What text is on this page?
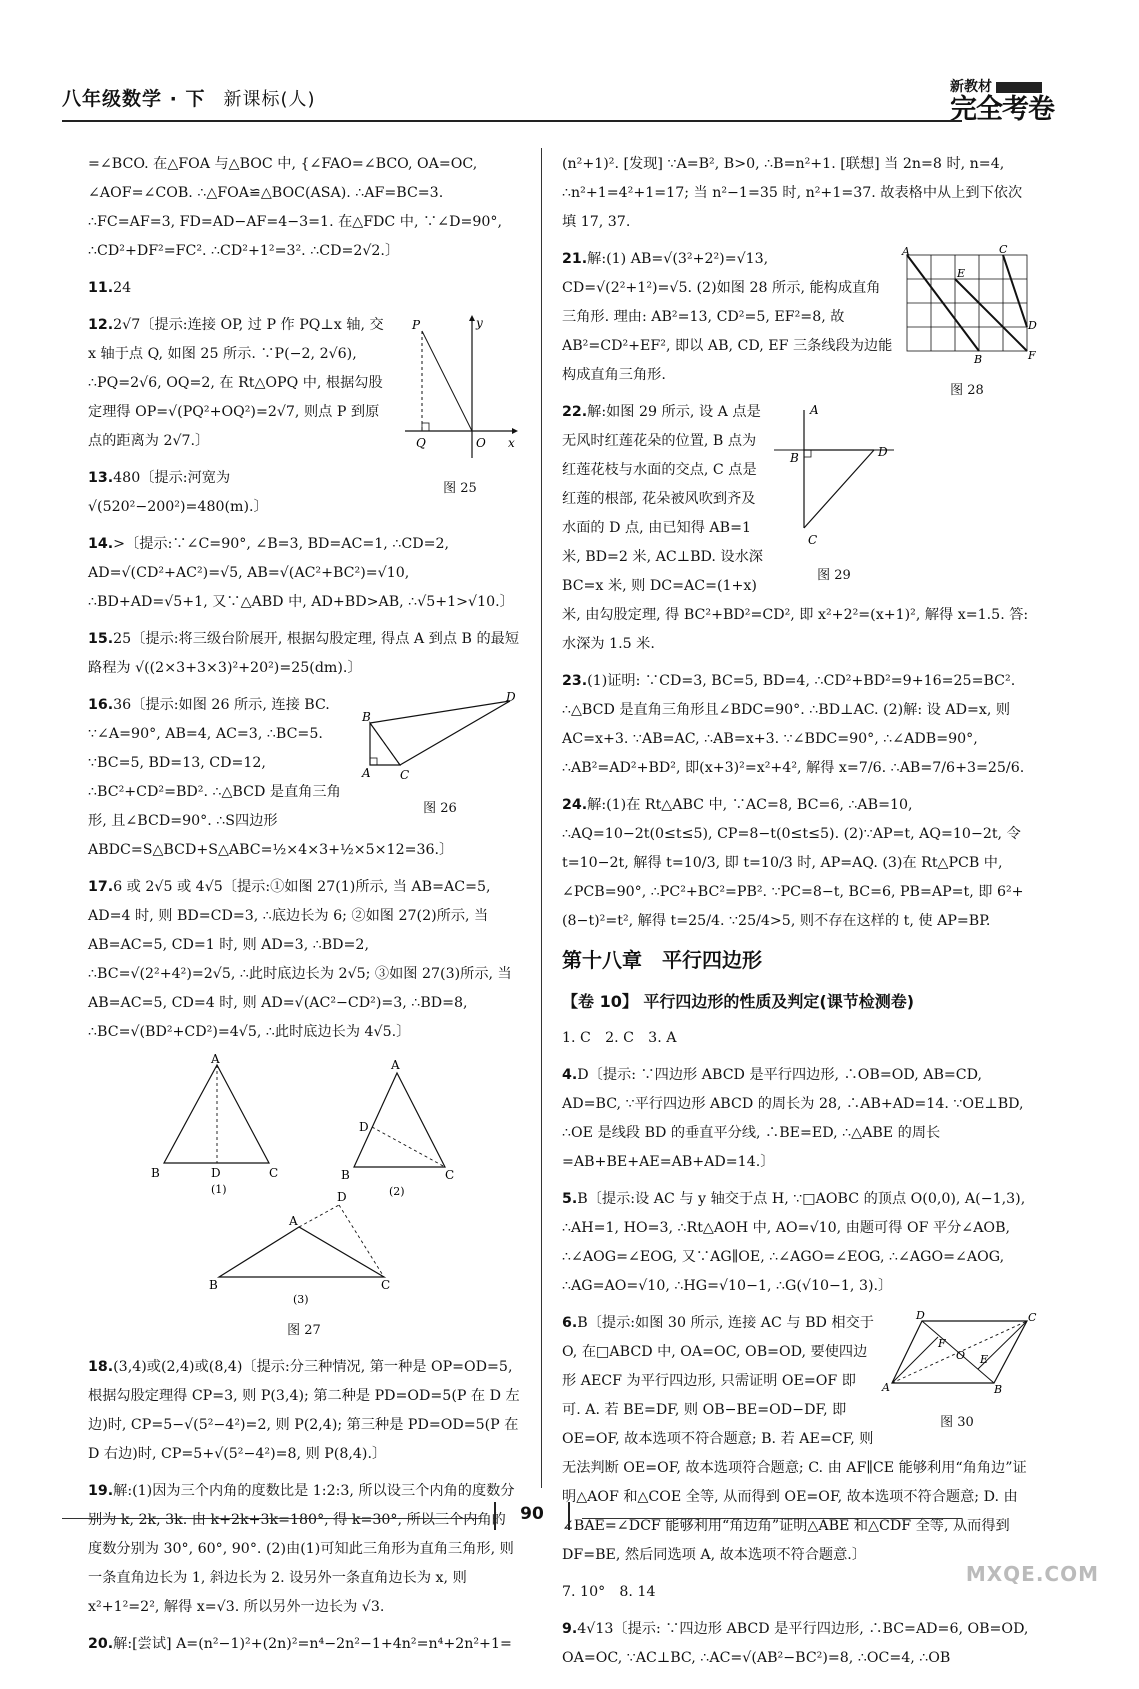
八年级数学 · 下 新课标(人)
新教材
完全考卷
=∠BCO. 在△FOA 与△BOC 中, {∠FAO=∠BCO, OA=OC, ∠AOF=∠COB. ∴△FOA≌△BOC(ASA). ∴AF=BC=3. ∴FC=AF=3, FD=AD−AF=4−3=1. 在△FDC 中, ∵∠D=90°, ∴CD²+DF²=FC². ∴CD²+1²=3². ∴CD=2√2.〕
11.24
P	y
Q	O x
图 25
12.2√7〔提示:连接 OP, 过 P 作 PQ⊥x 轴, 交 x 轴于点 Q, 如图 25 所示. ∵P(−2, 2√6), ∴PQ=2√6, OQ=2, 在 Rt△OPQ 中, 根据勾股定理得 OP=√(PQ²+OQ²)=2√7, 则点 P 到原点的距离为 2√7.〕
13.480〔提示:河宽为 √(520²−200²)=480(m).〕
14.>〔提示:∵∠C=90°, ∠B=3, BD=AC=1, ∴CD=2, AD=√(CD²+AC²)=√5, AB=√(AC²+BC²)=√10, ∴BD+AD=√5+1, 又∵△ABD 中, AD+BD>AB, ∴√5+1>√10.〕
15.25〔提示:将三级台阶展开, 根据勾股定理, 得点 A 到点 B 的最短路程为 √((2×3+3×3)²+20²)=25(dm).〕
B
A C
D
图 26
16.36〔提示:如图 26 所示, 连接 BC. ∵∠A=90°, AB=4, AC=3, ∴BC=5. ∵BC=5, BD=13, CD=12, ∴BC²+CD²=BD². ∴△BCD 是直角三角形, 且∠BCD=90°. ∴S四边形ABDC=S△BCD+S△ABC=½×4×3+½×5×12=36.〕
17.6 或 2√5 或 4√5〔提示:①如图 27(1)所示, 当 AB=AC=5, AD=4 时, 则 BD=CD=3, ∴底边长为 6; ②如图 27(2)所示, 当 AB=AC=5, CD=1 时, 则 AD=3, ∴BD=2, ∴BC=√(2²+4²)=2√5, ∴此时底边长为 2√5; ③如图 27(3)所示, 当 AB=AC=5, CD=4 时, 则 AD=√(AC²−CD²)=3, ∴BD=8, ∴BC=√(BD²+CD²)=4√5, ∴此时底边长为 4√5.〕
A
B	D	C
(1)
A
D
B	C
(2)
A
D
B	C
(3)
图 27
18.(3,4)或(2,4)或(8,4)〔提示:分三种情况, 第一种是 OP=OD=5, 根据勾股定理得 CP=3, 则 P(3,4); 第二种是 PD=OD=5(P 在 D 左边)时, CP=5−√(5²−4²)=2, 则 P(2,4); 第三种是 PD=OD=5(P 在 D 右边)时, CP=5+√(5²−4²)=8, 则 P(8,4).〕
19.解:(1)因为三个内角的度数比是 1:2:3, 所以设三个内角的度数分别为 k, 2k, 3k. 由 k+2k+3k=180°, 得 k=30°, 所以三个内角的度数分别为 30°, 60°, 90°. (2)由(1)可知此三角形为直角三角形, 则一条直角边长为 1, 斜边长为 2. 设另外一条直角边长为 x, 则 x²+1²=2², 解得 x=√3. 所以另外一边长为 √3.
20.解:[尝试] A=(n²−1)²+(2n)²=n⁴−2n²−1+4n²=n⁴+2n²+1=
(n²+1)². [发现] ∵A=B², B>0, ∴B=n²+1. [联想] 当 2n=8 时, n=4, ∴n²+1=4²+1=17; 当 n²−1=35 时, n²+1=37. 故表格中从上到下依次填 17, 37.
A	C
E
D
B	F
图 28
21.解:(1) AB=√(3²+2²)=√13, CD=√(2²+1²)=√5. (2)如图 28 所示, 能构成直角三角形. 理由: AB²=13, CD²=5, EF²=8, 故 AB²=CD²+EF², 即以 AB, CD, EF 三条线段为边能构成直角三角形.
A
B	D
C
图 29
22.解:如图 29 所示, 设 A 点是无风时红莲花朵的位置, B 点为红莲花枝与水面的交点, C 点是红莲的根部, 花朵被风吹到齐及水面的 D 点, 由已知得 AB=1 米, BD=2 米, AC⊥BD. 设水深 BC=x 米, 则 DC=AC=(1+x)米, 由勾股定理, 得 BC²+BD²=CD², 即 x²+2²=(x+1)², 解得 x=1.5. 答: 水深为 1.5 米.
23.(1)证明: ∵CD=3, BC=5, BD=4, ∴CD²+BD²=9+16=25=BC². ∴△BCD 是直角三角形且∠BDC=90°. ∴BD⊥AC. (2)解: 设 AD=x, 则 AC=x+3. ∵AB=AC, ∴AB=x+3. ∵∠BDC=90°, ∴∠ADB=90°, ∴AB²=AD²+BD², 即(x+3)²=x²+4², 解得 x=7/6. ∴AB=7/6+3=25/6.
24.解:(1)在 Rt△ABC 中, ∵AC=8, BC=6, ∴AB=10, ∴AQ=10−2t(0≤t≤5), CP=8−t(0≤t≤5). (2)∵AP=t, AQ=10−2t, 令 t=10−2t, 解得 t=10/3, 即 t=10/3 时, AP=AQ. (3)在 Rt△PCB 中, ∠PCB=90°, ∴PC²+BC²=PB². ∵PC=8−t, BC=6, PB=AP=t, 即 6²+(8−t)²=t², 解得 t=25/4. ∵25/4>5, 则不存在这样的 t, 使 AP=BP.
第十八章　平行四边形
【卷 10】 平行四边形的性质及判定(课节检测卷)
1. C　2. C　3. A
4.D〔提示: ∵四边形 ABCD 是平行四边形, ∴OB=OD, AB=CD, AD=BC, ∵平行四边形 ABCD 的周长为 28, ∴AB+AD=14. ∵OE⊥BD, ∴OE 是线段 BD 的垂直平分线, ∴BE=ED, ∴△ABE 的周长=AB+BE+AE=AB+AD=14.〕
5.B〔提示:设 AC 与 y 轴交于点 H, ∵□AOBC 的顶点 O(0,0), A(−1,3), ∴AH=1, HO=3, ∴Rt△AOH 中, AO=√10, 由题可得 OF 平分∠AOB, ∴∠AOG=∠EOG, 又∵AG∥OE, ∴∠AGO=∠EOG, ∴∠AGO=∠AOG, ∴AG=AO=√10, ∴HG=√10−1, ∴G(√10−1, 3).〕
D	C
F
O E
A	B
图 30
6.B〔提示:如图 30 所示, 连接 AC 与 BD 相交于 O, 在□ABCD 中, OA=OC, OB=OD, 要使四边形 AECF 为平行四边形, 只需证明 OE=OF 即可. A. 若 BE=DF, 则 OB−BE=OD−DF, 即 OE=OF, 故本选项不符合题意; B. 若 AE=CF, 则无法判断 OE=OF, 故本选项符合题意; C. 由 AF∥CE 能够利用“角角边”证明△AOF 和△COE 全等, 从而得到 OE=OF, 故本选项不符合题意; D. 由∠BAE=∠DCF 能够利用“角边角”证明△ABE 和△CDF 全等, 从而得到 DF=BE, 然后同选项 A, 故本选项不符合题意.〕
7. 10°　8. 14
9.4√13〔提示: ∵四边形 ABCD 是平行四边形, ∴BC=AD=6, OB=OD, OA=OC, ∵AC⊥BC, ∴AC=√(AB²−BC²)=8, ∴OC=4, ∴OB
90
MXQE.COM
